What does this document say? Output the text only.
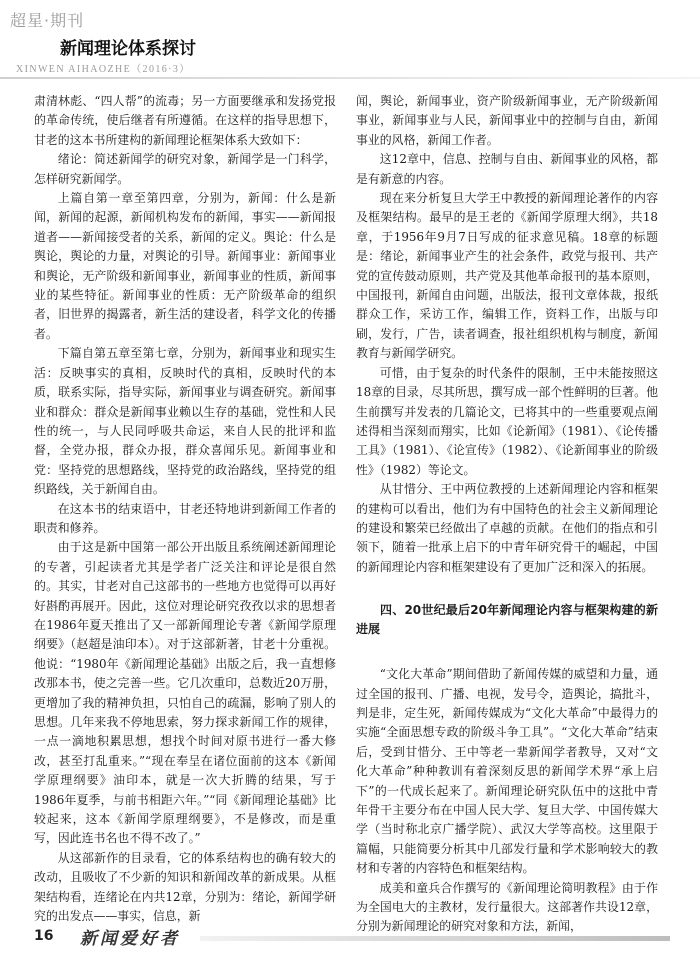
超星·期刊
新闻理论体系探讨
XINWEN AIHAOZHE（2016·3）

肃清林彪、“四人帮”的流毒；另一方面要继承和发扬党报的革命传统，使后继者有所遵循。在这样的指导思想下，甘老的这本书所建构的新闻理论框架体系大致如下：

绪论：简述新闻学的研究对象，新闻学是一门科学，怎样研究新闻学。

上篇自第一章至第四章，分别为，新闻：什么是新闻，新闻的起源，新闻机构发布的新闻，事实——新闻报道者——新闻接受者的关系，新闻的定义。舆论：什么是舆论，舆论的力量，对舆论的引导。新闻事业：新闻事业和舆论，无产阶级和新闻事业，新闻事业的性质，新闻事业的某些特征。新闻事业的性质：无产阶级革命的组织者，旧世界的揭露者，新生活的建设者，科学文化的传播者。

下篇自第五章至第七章，分别为，新闻事业和现实生活：反映事实的真相，反映时代的真相，反映时代的本质，联系实际，指导实际，新闻事业与调查研究。新闻事业和群众：群众是新闻事业赖以生存的基础，党性和人民性的统一，与人民同呼吸共命运，来自人民的批评和监督，全党办报，群众办报，群众喜闻乐见。新闻事业和党：坚持党的思想路线，坚持党的政治路线，坚持党的组织路线，关于新闻自由。

在这本书的结束语中，甘老还特地讲到新闻工作者的职责和修养。

由于这是新中国第一部公开出版且系统阐述新闻理论的专著，引起读者尤其是学者广泛关注和评论是很自然的。其实，甘老对自己这部书的一些地方也觉得可以再好好斟酌再展开。因此，这位对理论研究孜孜以求的思想者在1986年夏天推出了又一部新闻理论专著《新闻学原理纲要》（赵超是油印本）。对于这部新著，甘老十分重视。他说：“1980年《新闻理论基础》出版之后，我一直想修改那本书，使之完善一些。它几次重印，总数近20万册，更增加了我的精神负担，只怕自己的疏漏，影响了别人的思想。几年来我不停地思索，努力探求新闻工作的规律，一点一滴地积累思想，想找个时间对原书进行一番大修改，甚至打乱重来。”“现在奉呈在诸位面前的这本《新闻学原理纲要》油印本，就是一次大折腾的结果，写于1986年夏季，与前书相距六年。”“同《新闻理论基础》比较起来，这本《新闻学原理纲要》，不是修改，而是重写，因此连书名也不得不改了。”

从这部新作的目录看，它的体系结构也的确有较大的改动，且吸收了不少新的知识和新闻改革的新成果。从框架结构看，连绪论在内共12章，分别为：绪论，新闻学研究的出发点——事实，信息，新

闻，舆论，新闻事业，资产阶级新闻事业，无产阶级新闻事业，新闻事业与人民，新闻事业中的控制与自由，新闻事业的风格，新闻工作者。

这12章中，信息、控制与自由、新闻事业的风格，都是有新意的内容。

现在来分析复旦大学王中教授的新闻理论著作的内容及框架结构。最早的是王老的《新闻学原理大纲》，共18章，于1956年9月7日写成的征求意见稿。18章的标题是：绪论，新闻事业产生的社会条件，政党与报刊、共产党的宣传鼓动原则，共产党及其他革命报刊的基本原则，中国报刊，新闻自由问题，出版法，报刊文章体裁，报纸群众工作，采访工作，编辑工作，资料工作，出版与印刷，发行，广告，读者调查，报社组织机构与制度，新闻教育与新闻学研究。

可惜，由于复杂的时代条件的限制，王中未能按照这18章的目录，尽其所思，撰写成一部个性鲜明的巨著。他生前撰写并发表的几篇论文，已将其中的一些重要观点阐述得相当深刻而翔实，比如《论新闻》（1981）、《论传播工具》（1981）、《论宣传》（1982）、《论新闻事业的阶级性》（1982）等论文。

从甘惜分、王中两位教授的上述新闻理论内容和框架的建构可以看出，他们为有中国特色的社会主义新闻理论的建设和繁荣已经做出了卓越的贡献。在他们的指点和引领下，随着一批承上启下的中青年研究骨干的崛起，中国的新闻理论内容和框架建设有了更加广泛和深入的拓展。

四、20世纪最后20年新闻理论内容与框架构建的新进展

“文化大革命”期间借助了新闻传媒的威望和力量，通过全国的报刊、广播、电视，发号令，造舆论，搞批斗，判是非，定生死，新闻传媒成为“文化大革命”中最得力的实施“全面思想专政的阶级斗争工具”。“文化大革命”结束后，受到甘惜分、王中等老一辈新闻学者教导，又对“文化大革命”种种教训有着深刻反思的新闻学术界“承上启下”的一代成长起来了。新闻理论研究队伍中的这批中青年骨干主要分布在中国人民大学、复旦大学、中国传媒大学（当时称北京广播学院）、武汉大学等高校。这里限于篇幅，只能简要分析其中几部发行量和学术影响较大的教材和专著的内容特色和框架结构。

成美和童兵合作撰写的《新闻理论简明教程》由于作为全国电大的主教材，发行量很大。这部著作共设12章，分别为新闻理论的研究对象和方法，新闻，

16 新闻爱好者
